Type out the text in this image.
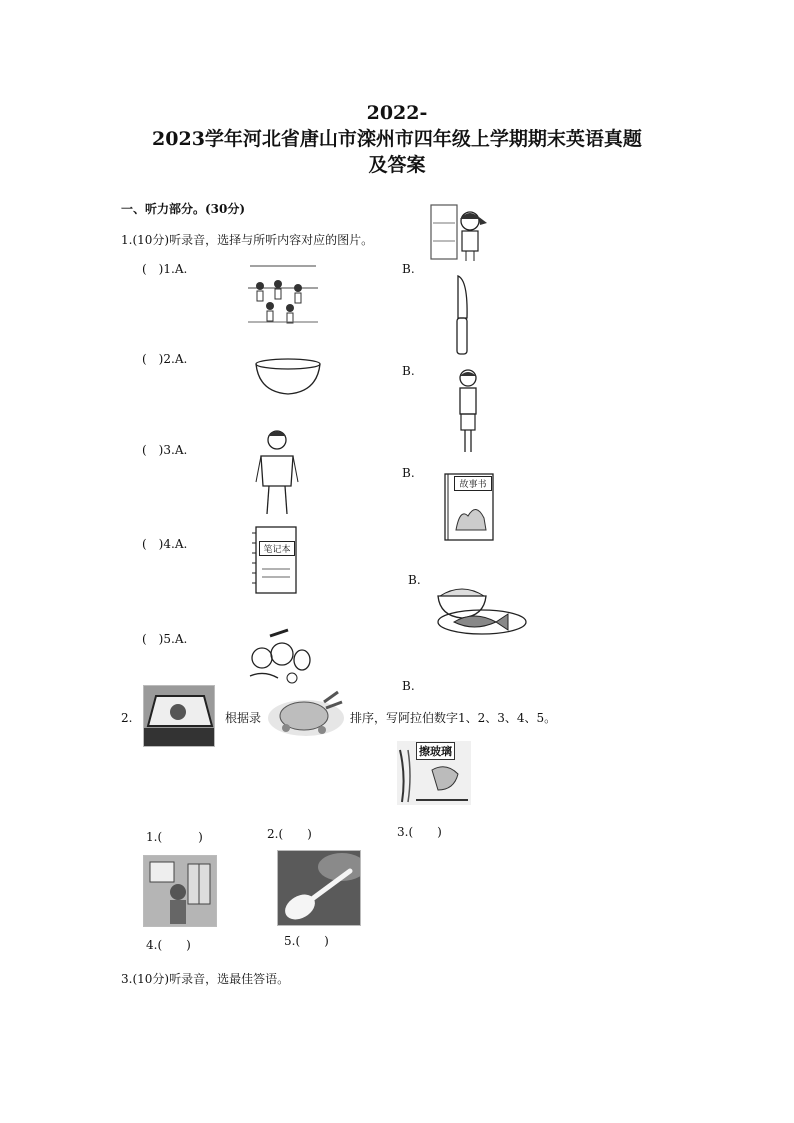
2022-
2023学年河北省唐山市滦州市四年级上学期期末英语真题
及答案
一、听力部分。(30分)
1.(10分)听录音，选择与所听内容对应的图片。
(　)1.A.	B.
(　)2.A.
B.
(　)3.A.
B.
故事书
(　)4.A.	笔记本
B.
(　)5.A.
B.
2.	根据录	排序，写阿拉伯数字1、2、3、4、5。
擦玻璃
1.(　　　)	2.(　　)	3.(　　)
4.(　　)	5.(　　)
3.(10分)听录音，选最佳答语。
